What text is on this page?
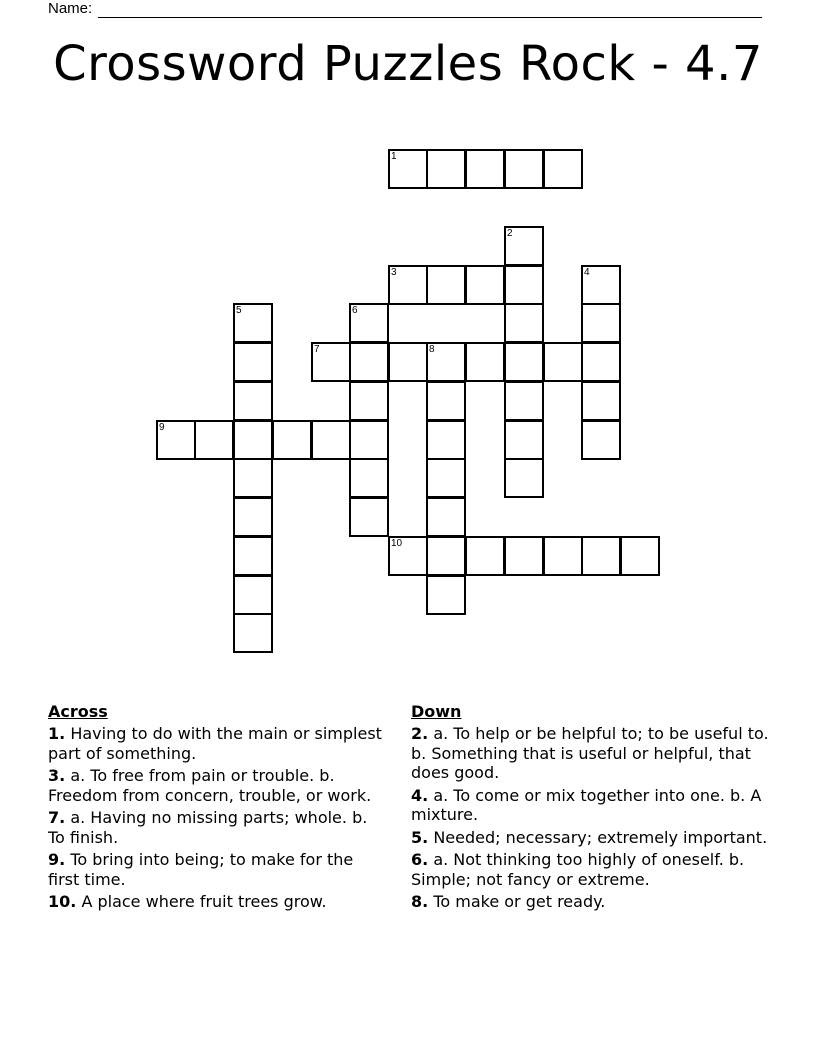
Name:
Crossword Puzzles Rock - 4.7
1
2
3	4
5	6
7	8
9
10
Across
1. Having to do with the main or simplest part of something.
3. a. To free from pain or trouble. b. Freedom from concern, trouble, or work.
7. a. Having no missing parts; whole. b. To finish.
9. To bring into being; to make for the first time.
10. A place where fruit trees grow.
Down
2. a. To help or be helpful to; to be useful to. b. Something that is useful or helpful, that does good.
4. a. To come or mix together into one. b. A mixture.
5. Needed; necessary; extremely important.
6. a. Not thinking too highly of oneself. b. Simple; not fancy or extreme.
8. To make or get ready.
